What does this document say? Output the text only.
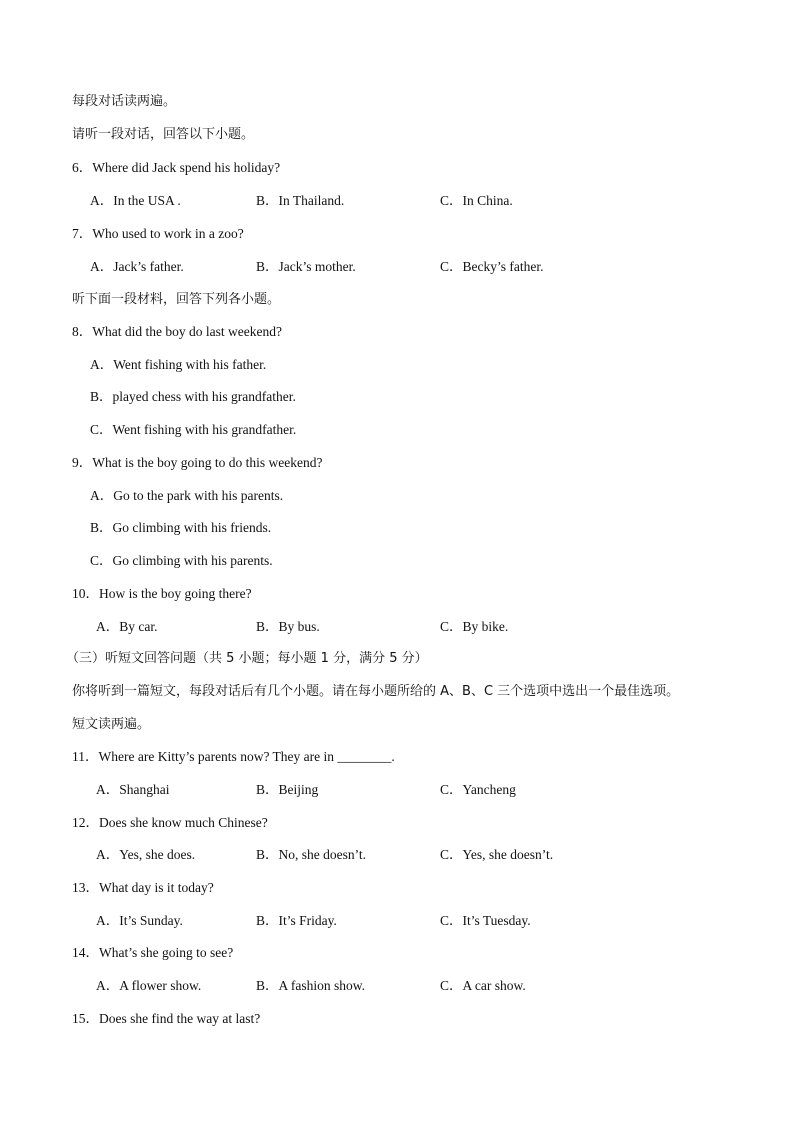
每段对话读两遍。
请听一段对话，回答以下小题。
6．Where did Jack spend his holiday?
A．In the USA .	B．In Thailand.	C．In China.
7．Who used to work in a zoo?
A．Jack’s father.	B．Jack’s mother.	C．Becky’s father.
听下面一段材料，回答下列各小题。
8．What did the boy do last weekend?
A．Went fishing with his father.
B．played chess with his grandfather.
C．Went fishing with his grandfather.
9．What is the boy going to do this weekend?
A．Go to the park with his parents.
B．Go climbing with his friends.
C．Go climbing with his parents.
10．How is the boy going there?
A．By car.	B．By bus.	C．By bike.
（三）听短文回答问题（共 5 小题；每小题 1 分，满分 5 分）
你将听到一篇短文，每段对话后有几个小题。请在每小题所给的 A、B、C 三个选项中选出一个最佳选项。
短文读两遍。
11．Where are Kitty’s parents now? They are in ________.
A．Shanghai	B．Beijing	C．Yancheng
12．Does she know much Chinese?
A．Yes, she does.	B．No, she doesn’t.	C．Yes, she doesn’t.
13．What day is it today?
A．It’s Sunday.	B．It’s Friday.	C．It’s Tuesday.
14．What’s she going to see?
A．A flower show.	B．A fashion show.	C．A car show.
15．Does she find the way at last?
